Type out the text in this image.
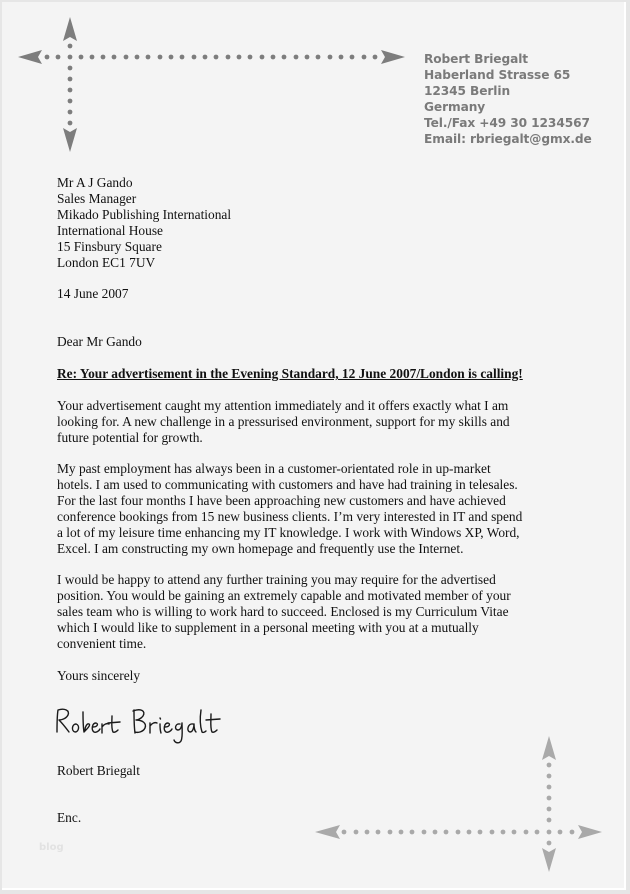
Robert Briegalt
Haberland Strasse 65
12345 Berlin
Germany
Tel./Fax +49 30 1234567
Email: rbriegalt@gmx.de
Mr A J Gando
Sales Manager
Mikado Publishing International
International House
15 Finsbury Square
London EC1 7UV
14 June 2007
Dear Mr Gando
Re: Your advertisement in the Evening Standard, 12 June 2007/London is calling!
Your advertisement caught my attention immediately and it offers exactly what I am
looking for. A new challenge in a pressurised environment, support for my skills and
future potential for growth.
My past employment has always been in a customer-orientated role in up-market
hotels. I am used to communicating with customers and have had training in telesales.
For the last four months I have been approaching new customers and have achieved
conference bookings from 15 new business clients. I’m very interested in IT and spend
a lot of my leisure time enhancing my IT knowledge. I work with Windows XP, Word,
Excel. I am constructing my own homepage and frequently use the Internet.
I would be happy to attend any further training you may require for the advertised
position. You would be gaining an extremely capable and motivated member of your
sales team who is willing to work hard to succeed. Enclosed is my Curriculum Vitae
which I would like to supplement in a personal meeting with you at a mutually
convenient time.
Yours sincerely
Robert Briegalt
Enc.
blog
